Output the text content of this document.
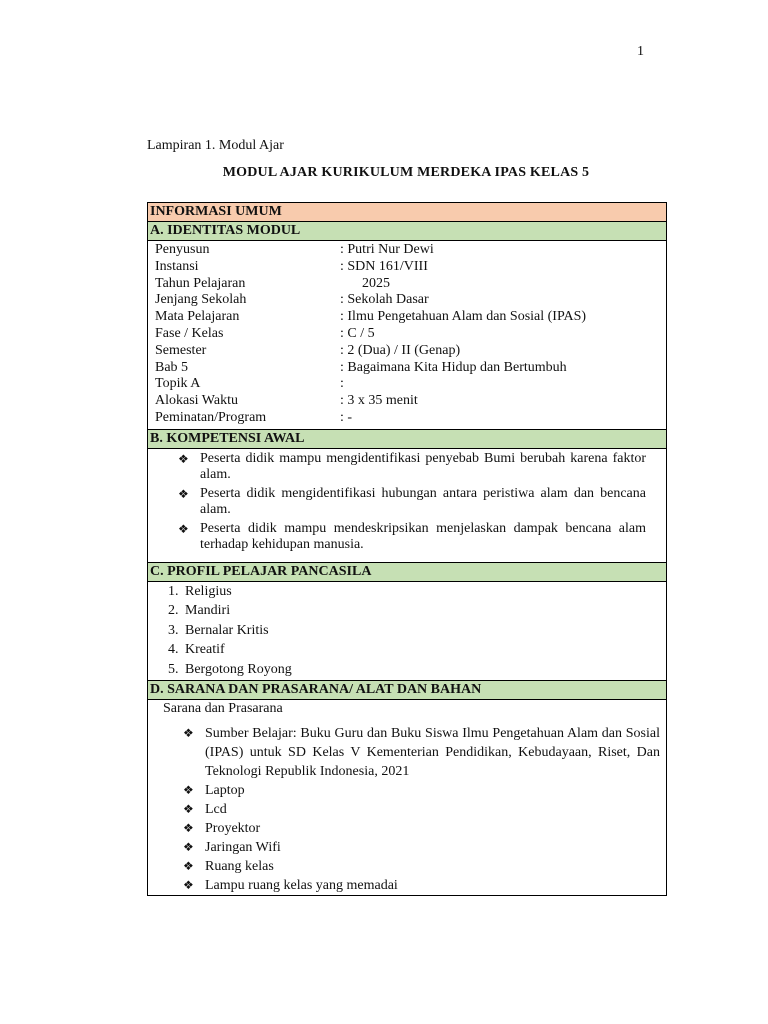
1
Lampiran 1. Modul Ajar
MODUL AJAR KURIKULUM MERDEKA IPAS KELAS 5
INFORMASI UMUM
A. IDENTITAS MODUL
Penyusun	: Putri Nur Dewi
Instansi	: SDN 161/VIII
Tahun Pelajaran	2025
Jenjang Sekolah	: Sekolah Dasar
Mata Pelajaran	: Ilmu Pengetahuan Alam dan Sosial (IPAS)
Fase / Kelas	: C / 5
Semester	: 2 (Dua) / II (Genap)
Bab 5	: Bagaimana Kita Hidup dan Bertumbuh
Topik A	:
Alokasi Waktu	: 3 x 35 menit
Peminatan/Program	: -
B. KOMPETENSI AWAL
❖ Peserta didik mampu mengidentifikasi penyebab Bumi berubah karena faktor alam.
❖ Peserta didik mengidentifikasi hubungan antara peristiwa alam dan bencana alam.
❖ Peserta didik mampu mendeskripsikan menjelaskan dampak bencana alam terhadap kehidupan manusia.
C. PROFIL PELAJAR PANCASILA
1. Religius
2. Mandiri
3. Bernalar Kritis
4. Kreatif
5. Bergotong Royong
D. SARANA DAN PRASARANA/ ALAT DAN BAHAN
Sarana dan Prasarana
❖ Sumber Belajar: Buku Guru dan Buku Siswa Ilmu Pengetahuan Alam dan Sosial (IPAS) untuk SD Kelas V Kementerian Pendidikan, Kebudayaan, Riset, Dan Teknologi Republik Indonesia, 2021
❖ Laptop
❖ Lcd
❖ Proyektor
❖ Jaringan Wifi
❖ Ruang kelas
❖ Lampu ruang kelas yang memadai
